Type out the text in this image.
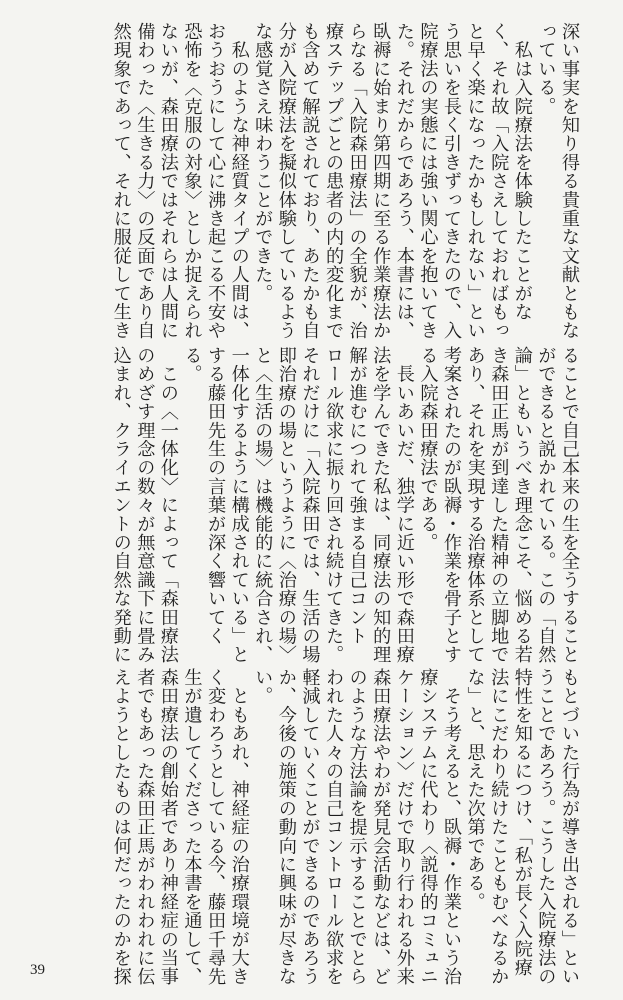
深い事実を知り得る貴重な文献ともな
っている。
　私は入院療法を体験したことがな
く、それ故「入院さえしておればもっ
と早く楽になったかもしれない」とい
う思いを長く引きずってきたので、入
院療法の実態には強い関心を抱いてき
た。それだからであろう、本書には、
臥褥に始まり第四期に至る作業療法か
らなる「入院森田療法」の全貌が、治
療ステップごとの患者の内的変化まで
も含めて解説されており、あたかも自
分が入院療法を擬似体験しているよう
な感覚さえ味わうことができた。
　私のような神経質タイプの人間は、
おうおうにして心に沸き起こる不安や
恐怖を〈克服の対象〉としか捉えられ
ないが、森田療法ではそれらは人間に
備わった〈生きる力〉の反面であり自
然現象であって、それに服従して生き
ることで自己本来の生を全うすること
ができると説かれている。この「自然
論」ともいうべき理念こそ、悩める若
き森田正馬が到達した精神の立脚地で
あり、それを実現する治療体系として
考案されたのが臥褥・作業を骨子とす
る入院森田療法である。
　長いあいだ、独学に近い形で森田療
法を学んできた私は、同療法の知的理
解が進むにつれて強まる自己コント
ロール欲求に振り回され続けてきた。
それだけに「入院森田では、生活の場
即治療の場というように〈治療の場〉
と〈生活の場〉は機能的に統合され、
一体化するように構成されている」と
する藤田先生の言葉が深く響いてく
る。
　この〈一体化〉によって「森田療法
のめざす理念の数々が無意識下に畳み
込まれ、クライエントの自然な発動に
もとづいた行為が導き出される」とい
うことであろう。こうした入院療法の
特性を知るにつけ、「私が長く入院療
法にこだわり続けたこともむべなるか
な」と、思えた次第である。
　そう考えると、臥褥・作業という治
療システムに代わり〈説得的コミュニ
ケーション〉だけで取り行われる外来
森田療法やわが発見会活動などは、ど
のような方法論を提示することでとら
われた人々の自己コントロール欲求を
軽減していくことができるのであろう
か、今後の施策の動向に興味が尽きな
い。
　ともあれ、神経症の治療環境が大き
く変わろうとしている今、藤田千尋先
生が遺してくださった本書を通して、
森田療法の創始者であり神経症の当事
者でもあった森田正馬がわれわれに伝
えようとしたものは何だったのかを探
39
